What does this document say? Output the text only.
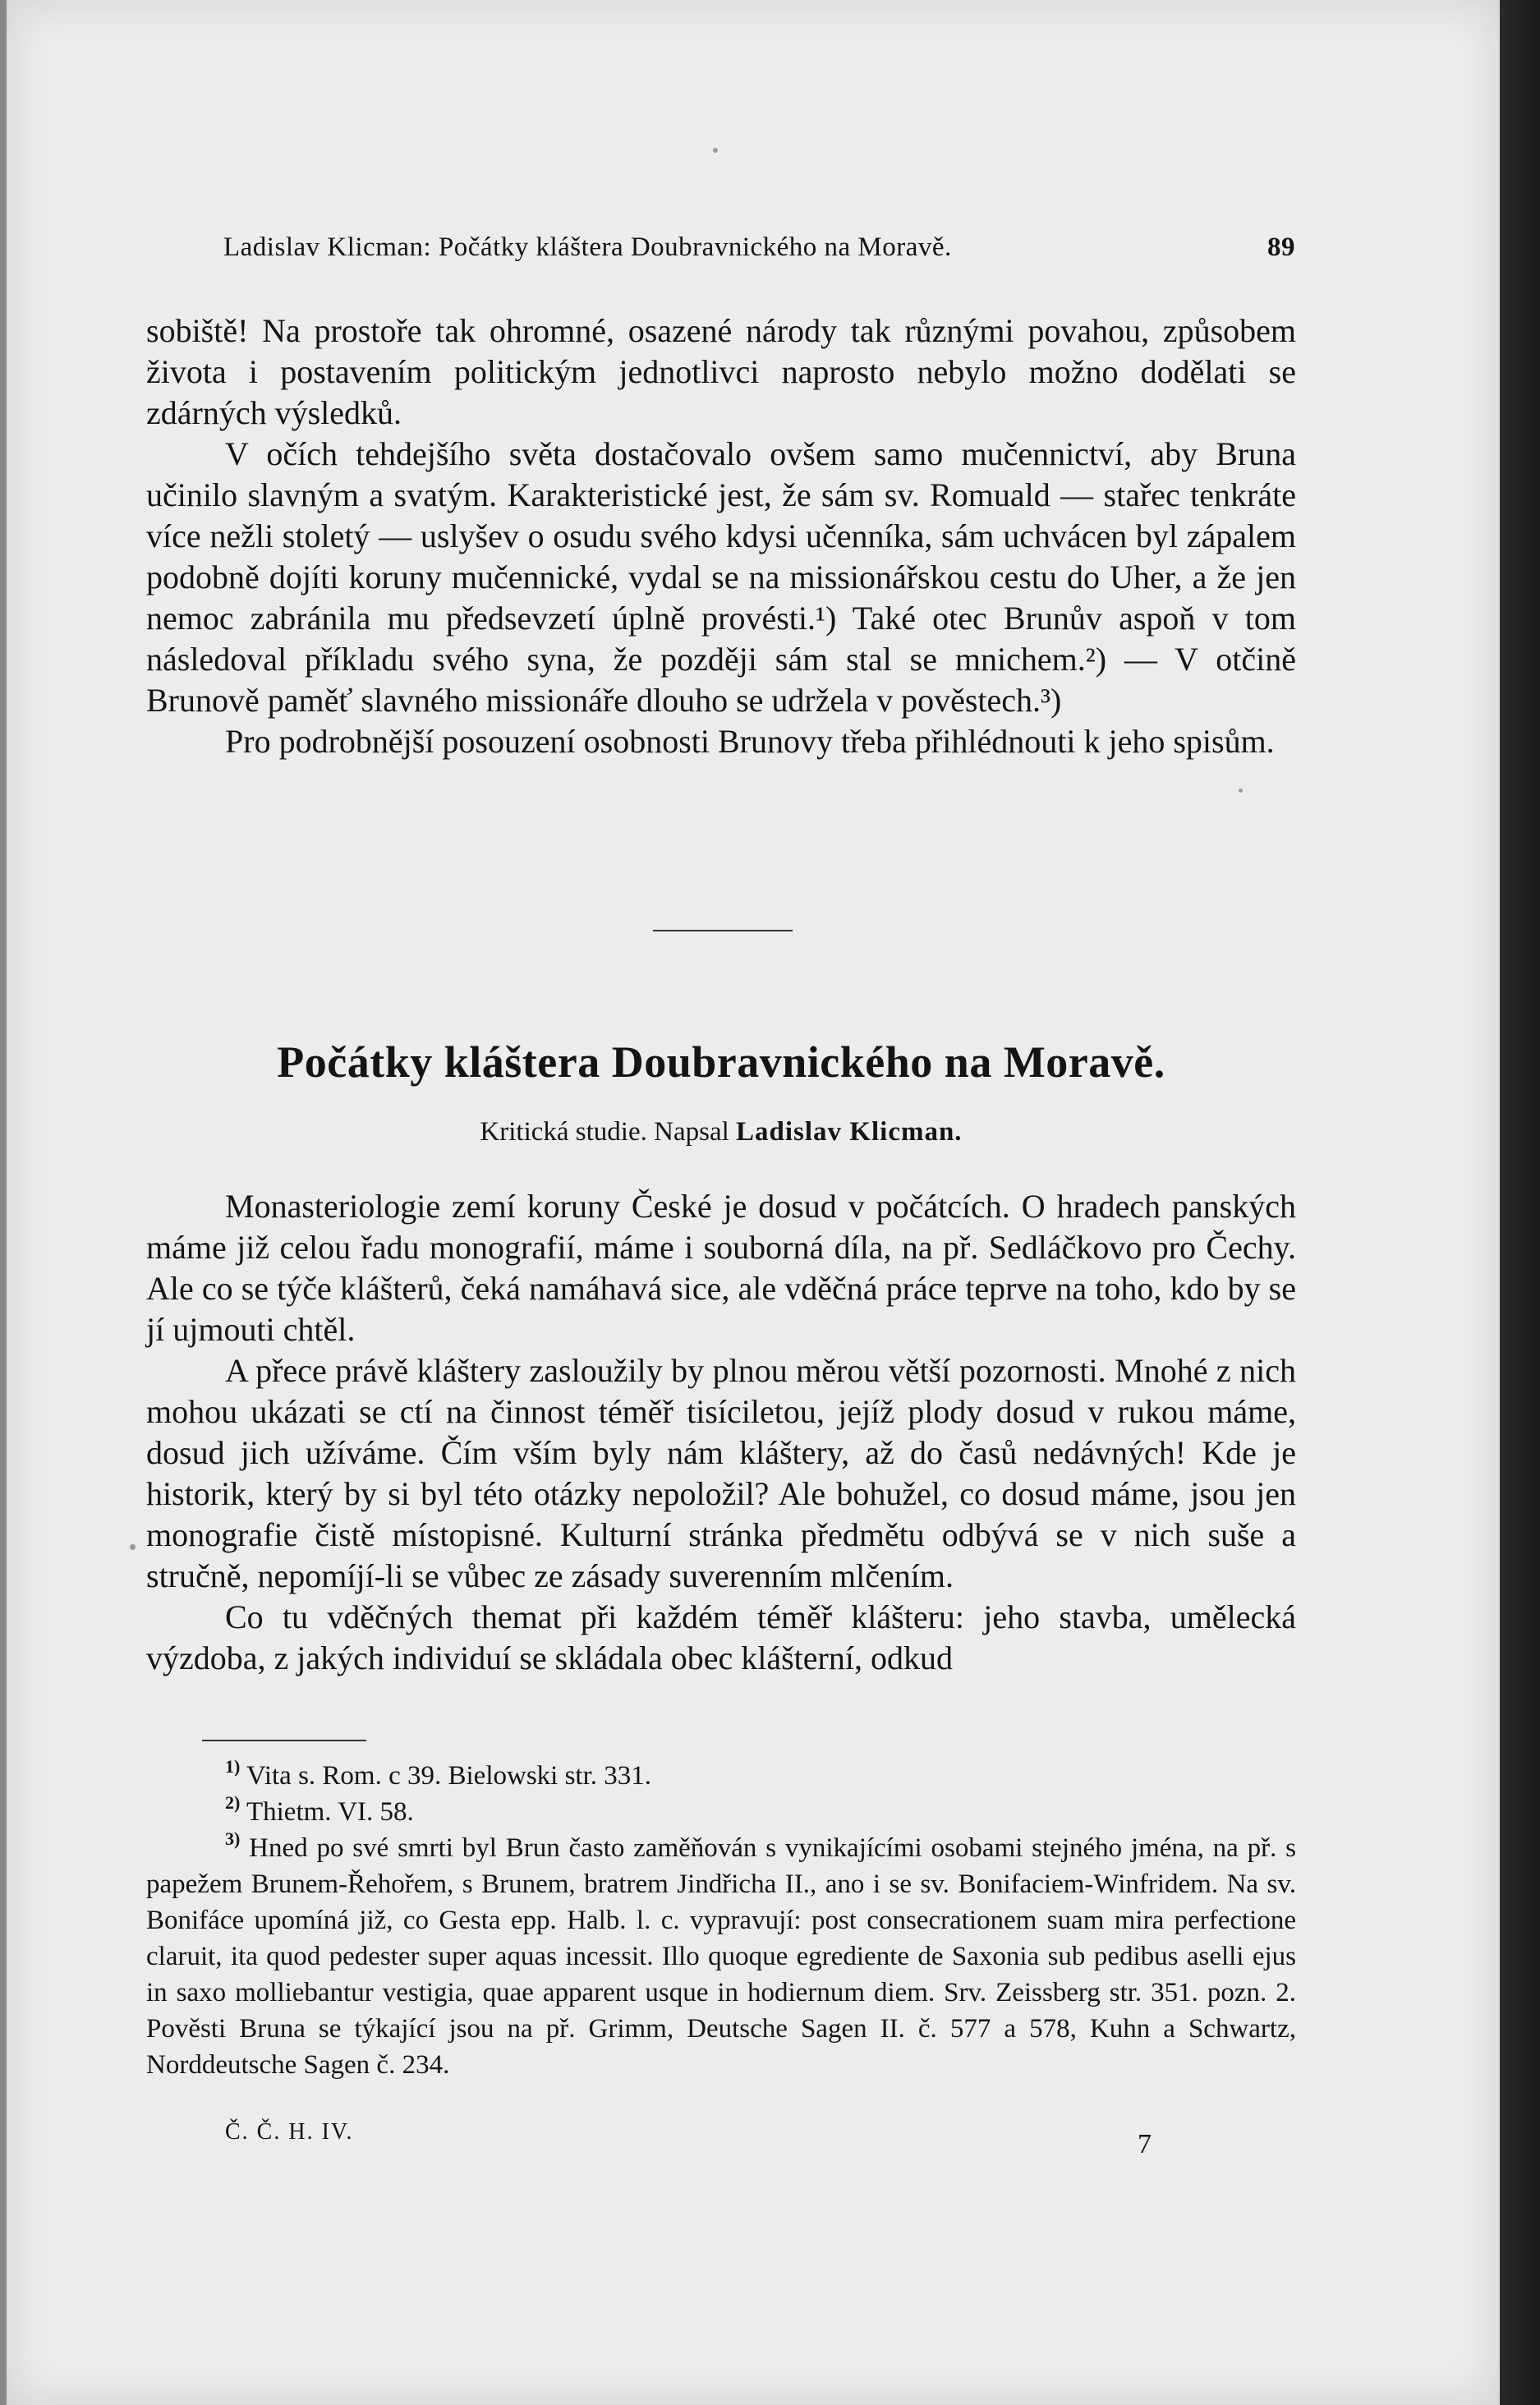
Ladislav Klicman: Počátky kláštera Doubravnického na Moravě.	89

sobiště! Na prostoře tak ohromné, osazené národy tak různými povahou, způsobem života i postavením politickým jednotlivci naprosto nebylo možno dodělati se zdárných výsledků.

V očích tehdejšího světa dostačovalo ovšem samo mučennictví, aby Bruna učinilo slavným a svatým. Karakteristické jest, že sám sv. Romuald — stařec tenkráte více nežli stoletý — uslyšev o osudu svého kdysi učenníka, sám uchvácen byl zápalem podobně dojíti koruny mučennické, vydal se na missionářskou cestu do Uher, a že jen nemoc zabránila mu předsevzetí úplně provésti.¹) Také otec Brunův aspoň v tom následoval příkladu svého syna, že později sám stal se mnichem.²) — V otčině Brunově paměť slavného missionáře dlouho se udržela v pověstech.³)

Pro podrobnější posouzení osobnosti Brunovy třeba přihlédnouti k jeho spisům.

Počátky kláštera Doubravnického na Moravě.
Kritická studie. Napsal Ladislav Klicman.

Monasteriologie zemí koruny České je dosud v počátcích. O hradech panských máme již celou řadu monografií, máme i souborná díla, na př. Sedláčkovo pro Čechy. Ale co se týče klášterů, čeká namáhavá sice, ale vděčná práce teprve na toho, kdo by se jí ujmouti chtěl.

A přece právě kláštery zasloužily by plnou měrou větší pozornosti. Mnohé z nich mohou ukázati se ctí na činnost téměř tisíciletou, jejíž plody dosud v rukou máme, dosud jich užíváme. Čím vším byly nám kláštery, až do časů nedávných! Kde je historik, který by si byl této otázky nepoložil? Ale bohužel, co dosud máme, jsou jen monografie čistě místopisné. Kulturní stránka předmětu odbývá se v nich suše a stručně, nepomíjí-li se vůbec ze zásady suverenním mlčením.

Co tu vděčných themat při každém téměř klášteru: jeho stavba, umělecká výzdoba, z jakých individuí se skládala obec klášterní, odkud

$^{1)}$ Vita s. Rom. c 39. Bielowski str. 331.

$^{2)}$ Thietm. VI. 58.

$^{3)}$ Hned po své smrti byl Brun často zaměňován s vynikajícími osobami stejného jména, na př. s papežem Brunem-Řehořem, s Brunem, bratrem Jindřicha II., ano i se sv. Bonifaciem-Winfridem. Na sv. Bonifáce upomíná již, co Gesta epp. Halb. l. c. vypravují: post consecrationem suam mira perfectione claruit, ita quod pedester super aquas incessit. Illo quoque egrediente de Saxonia sub pedibus aselli ejus in saxo molliebantur vestigia, quae apparent usque in hodiernum diem. Srv. Zeissberg str. 351. pozn. 2. Pověsti Bruna se týkající jsou na př. Grimm, Deutsche Sagen II. č. 577 a 578, Kuhn a Schwartz, Norddeutsche Sagen č. 234.

Č. Č. H. IV.	7
